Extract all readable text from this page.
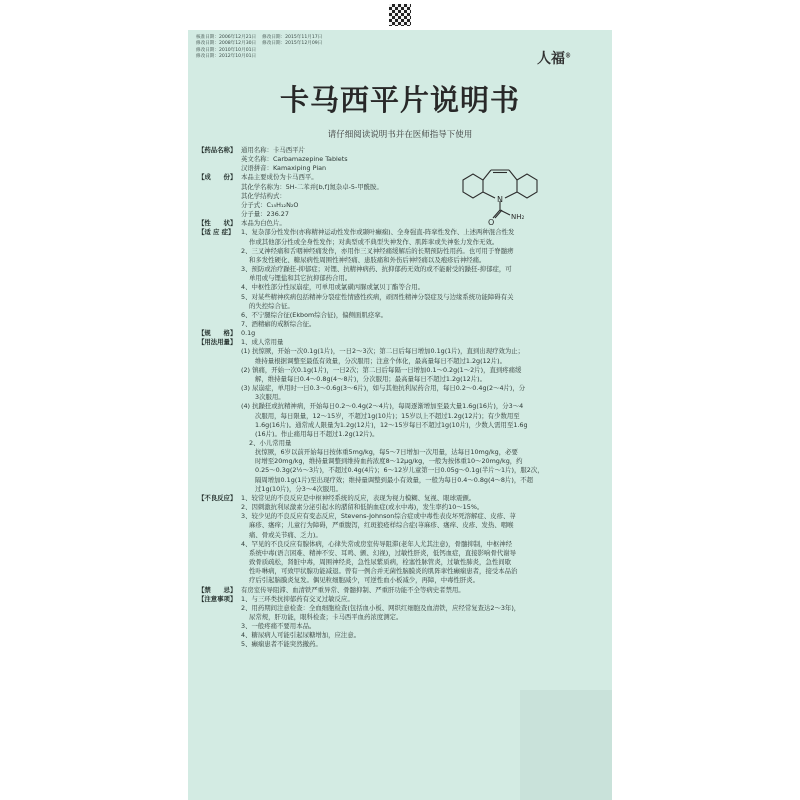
核准日期：2006年12月21日 修改日期：2015年11月17日
修改日期：2008年12月30日 修改日期：2015年12月09日
修改日期：2010年10月01日
修改日期：2012年10月01日	人福®
卡马西平片说明书
请仔细阅读说明书并在医师指导下使用
N
O
NH₂
【药品名称】 通用名称：卡马西平片
英文名称：Carbamazepine Tablets
汉语拼音：Kamaxiping Pian
【成　　份】 本品主要成份为卡马西平。
其化学名称为：5H-二苯并[b,f]氮杂卓-5-甲酰胺。
其化学结构式：
分子式：C₁₅H₁₂N₂O
分子量：236.27
【性　　状】 本品为白色片。
【适 应 症】	1、复杂部分性发作(亦称精神运动性发作或颞叶癫痫)、全身强直-阵挛性发作、上述两种混合性发
作或其他部分性或全身性发作；对典型或不典型失神发作、肌阵挛或失神张力发作无效。
2、三叉神经痛和舌咽神经痛发作，亦用作三叉神经痛缓解后的长期预防性用药。也可用于脊髓痨
和多发性硬化、糖尿病性周围性神经痛、患肢痛和外伤后神经痛以及疱疹后神经痛。
3、预防或治疗躁狂-抑郁症；对锂、抗精神病药、抗抑郁药无效的或不能耐受的躁狂-抑郁症，可
单用或与锂盐和其它抗抑郁药合用。
4、中枢性部分性尿崩症，可单用或氯磺丙脲或氯贝丁酯等合用。
5、对某些精神疾病包括精神分裂症性情感性疾病，顽固性精神分裂症及与边缘系统功能障碍有关
的失控综合征。
6、不宁腿综合征(Ekbom综合征)，偏侧面肌痉挛。
7、酒精癖的戒断综合征。
【规　　格】 0.1g
【用法用量】 1、成人常用量
(1) 抗惊厥，开始一次0.1g(1片)，一日2～3次；第二日后每日增加0.1g(1片)，直到出现疗效为止；
维持量根据调整至最低有效量，分次服用；注意个体化，最高量每日不超过1.2g(12片)。
(2) 镇痛，开始一次0.1g(1片)，一日2次；第二日后每隔一日增加0.1～0.2g(1～2片)，直到疼痛缓
解，维持量每日0.4～0.8g(4～8片)，分次服用；最高量每日不超过1.2g(12片)。
(3) 尿崩症，单用时一日0.3～0.6g(3～6片)，如与其他抗利尿药合用，每日0.2～0.4g(2～4片)，分
3次服用。
(4) 抗躁狂或抗精神病，开始每日0.2～0.4g(2～4片)，每周逐渐增加至最大量1.6g(16片)，分3～4
次服用，每日限量，12～15岁，不超过1g(10片)；15岁以上不超过1.2g(12片)；有少数用至
1.6g(16片)。通常成人限量为1.2g(12片)，12～15岁每日不超过1g(10片)，少数人需用至1.6g
(16片)。作止痛用每日不超过1.2g(12片)。
2、小儿常用量
抗惊厥，6岁以前开始每日按体重5mg/kg，每5～7日增加一次用量，达每日10mg/kg，必要
时增至20mg/kg，维持量调整到维持血药浓度8～12μg/kg，一般为按体重10～20mg/kg，约
0.25～0.3g(2½～3片)，不超过0.4g(4片)；6～12岁儿童第一日0.05g～0.1g(半片～1片)，服2次，
隔周增加0.1g(1片)至出现疗效；维持量调整到最小有效量，一般为每日0.4～0.8g(4～8片)，不超
过1g(10片)，分3～4次服用。
【不良反应】 1、较常见的不良反应是中枢神经系统的反应，表现为视力模糊、复视、眼球震颤。
2、因刺激抗利尿激素分泌引起水的潴留和低钠血症(或水中毒)，发生率约10～15%。
3、较少见的不良反应有变态反应，Stevens-Johnson综合症或中毒性表皮坏死溶解症、皮疹、荨
麻疹、瘙痒；儿童行为障碍，严重腹泻，红斑狼疮样综合症(荨麻疹、瘙痒、皮疹、发热、咽喉
痛、骨或关节痛、乏力)。
4、罕见的不良反应有腺体病，心律失常或房室传导阻滞(老年人尤其注意)，骨髓抑制，中枢神经
系统中毒(语言困难、精神不安、耳鸣、颤、幻视)，过敏性肝炎，低钙血症，直接影响骨代谢导
致骨质疏松，肾脏中毒，周围神经炎，急性尿紫质病，栓塞性脉管炎，过敏性肺炎，急性间歇
性卟啉病，可致甲状腺功能减退。曾有一例合并无菌性脑膜炎的肌阵挛性癫痫患者，接受本品治
疗后引起脑膜炎复发。偶见粒细胞减少，可逆性血小板减少，再障，中毒性肝炎。
【禁　　忌】 有房室传导阻滞、血清铁严重异常、骨髓抑制、严重肝功能不全等病史者禁用。
【注意事项】 1、与三环类抗抑郁药有交叉过敏反应。
2、用药期间注意检查：全血细胞检查(包括血小板、网织红细胞及血清铁，应经常复查达2～3年)，
尿常规，肝功能，眼科检查；卡马西平血药浓度测定。
3、一般疼痛不要用本品。
4、糖尿病人可能引起尿糖增加，应注意。
5、癫痫患者不能突然撤药。
